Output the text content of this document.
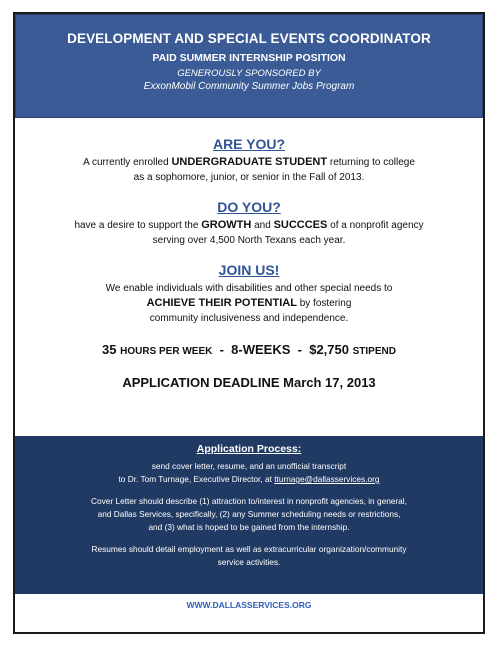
DEVELOPMENT AND SPECIAL EVENTS COORDINATOR
PAID SUMMER INTERNSHIP POSITION
GENEROUSLY SPONSORED BY
ExxonMobil Community Summer Jobs Program
ARE YOU?

A currently enrolled UNDERGRADUATE STUDENT returning to college

as a sophomore, junior, or senior in the Fall of 2013.

DO YOU?

have a desire to support the GROWTH and SUCCCES of a nonprofit agency

serving over 4,500 North Texans each year.

JOIN US!

We enable individuals with disabilities and other special needs to

ACHIEVE THEIR POTENTIAL by fostering

community inclusiveness and independence.

35 HOURS PER WEEK - 8-WEEKS - $2,750 STIPEND
APPLICATION DEADLINE March 17, 2013
Application Process:

send cover letter, resume, and an unofficial transcript

to Dr. Tom Turnage, Executive Director, at tturnage@dallasservices.org

Cover Letter should describe (1) attraction to/interest in nonprofit agencies, in general,

and Dallas Services, specifically, (2) any Summer scheduling needs or restrictions,

and (3) what is hoped to be gained from the internship.

Resumes should detail employment as well as extracurricular organization/community

service activities.

WWW.DALLASSERVICES.ORG
